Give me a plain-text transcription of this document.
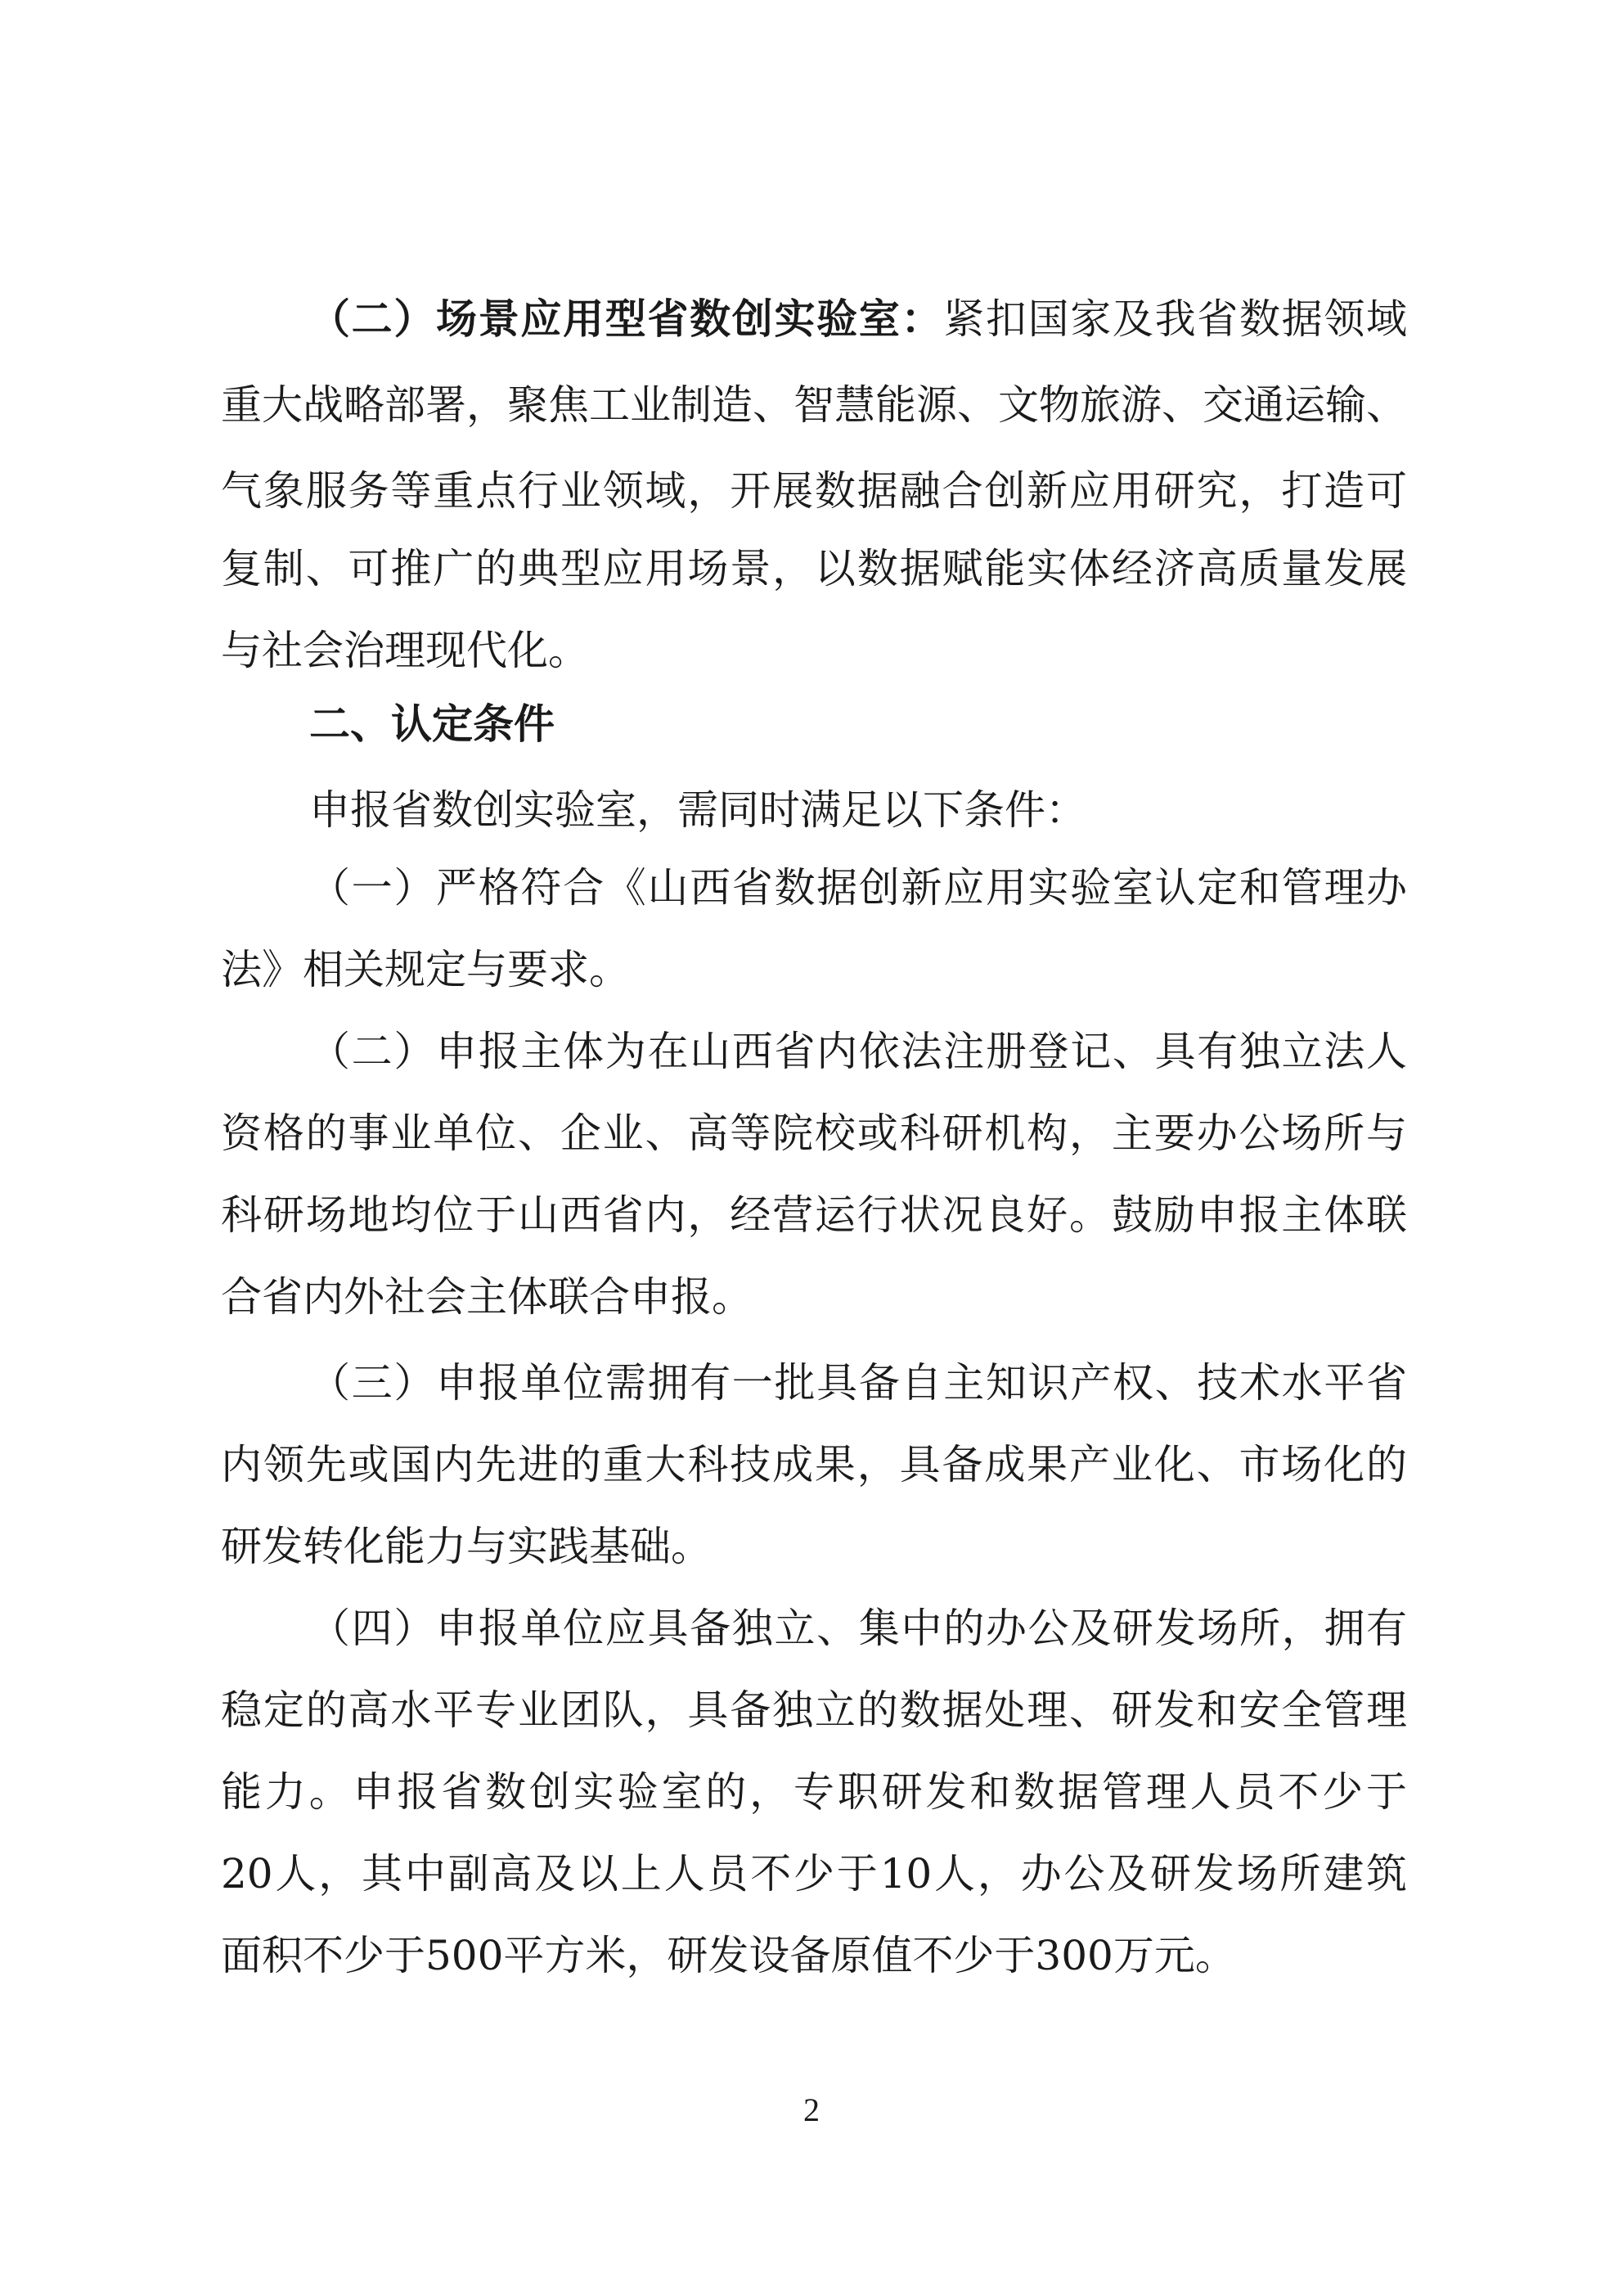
（二）场景应用型省数创实验室：紧扣国家及我省数据领域
重大战略部署，聚焦工业制造、智慧能源、文物旅游、交通运输、
气象服务等重点行业领域，开展数据融合创新应用研究，打造可
复制、可推广的典型应用场景，以数据赋能实体经济高质量发展
与社会治理现代化。
二、认定条件
申报省数创实验室，需同时满足以下条件：
（一）严格符合《山西省数据创新应用实验室认定和管理办
法》相关规定与要求。
（二）申报主体为在山西省内依法注册登记、具有独立法人
资格的事业单位、企业、高等院校或科研机构，主要办公场所与
科研场地均位于山西省内，经营运行状况良好。鼓励申报主体联
合省内外社会主体联合申报。
（三）申报单位需拥有一批具备自主知识产权、技术水平省
内领先或国内先进的重大科技成果，具备成果产业化、市场化的
研发转化能力与实践基础。
（四）申报单位应具备独立、集中的办公及研发场所，拥有
稳定的高水平专业团队，具备独立的数据处理、研发和安全管理
能力。申报省数创实验室的，专职研发和数据管理人员不少于
20人，其中副高及以上人员不少于10人，办公及研发场所建筑
面积不少于500平方米，研发设备原值不少于300万元。
2
